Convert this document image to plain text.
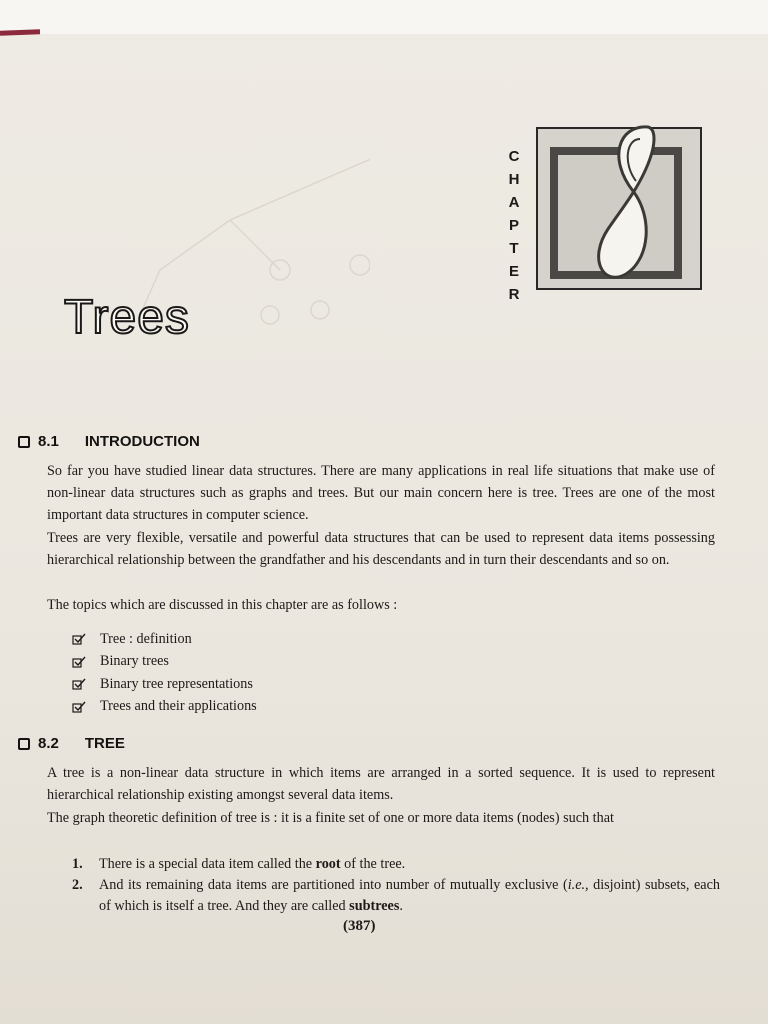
C
H
A
P
T
E
R
Trees
8.1 INTRODUCTION

So far you have studied linear data structures. There are many applications in real life situations that make use of non-linear data structures such as graphs and trees. But our main concern here is tree. Trees are one of the most important data structures in computer science.

Trees are very flexible, versatile and powerful data structures that can be used to represent data items possessing hierarchical relationship between the grandfather and his descendants and in turn their descendants and so on.

The topics which are discussed in this chapter are as follows :

Tree : definition
Binary trees
Binary tree representations
Trees and their applications
8.2 TREE

A tree is a non-linear data structure in which items are arranged in a sorted sequence. It is used to represent hierarchical relationship existing amongst several data items.

The graph theoretic definition of tree is : it is a finite set of one or more data items (nodes) such that

1.	There is a special data item called the root of the tree.
2.	And its remaining data items are partitioned into number of mutually exclusive (i.e., disjoint) subsets, each of which is itself a tree. And they are called subtrees.
(387)
